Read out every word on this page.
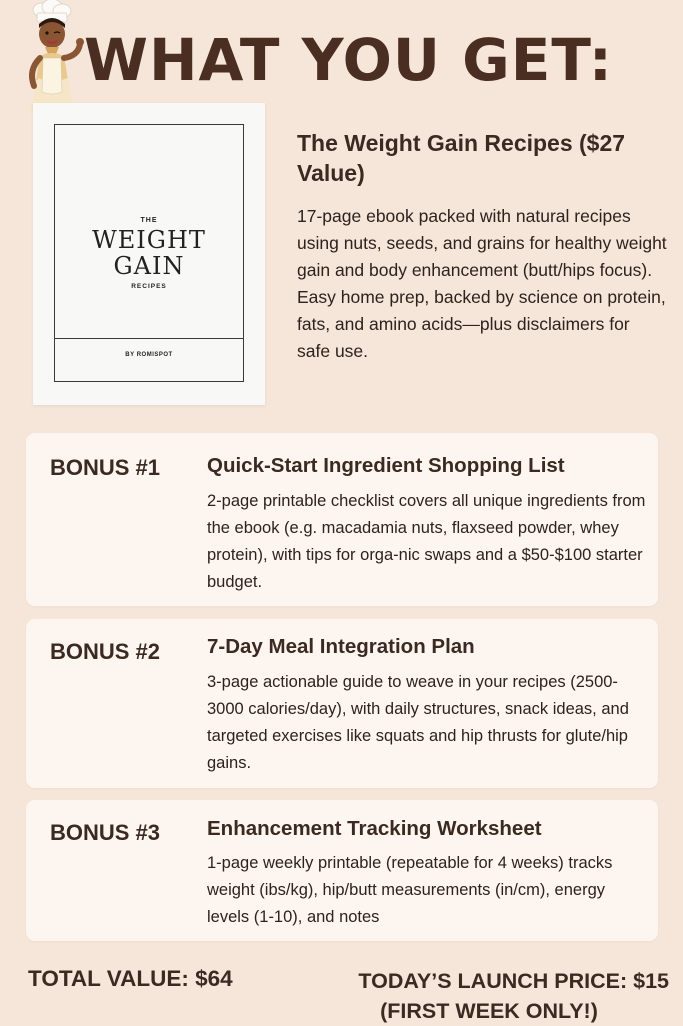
WHAT YOU GET:
THE
WEIGHT
GAIN
RECIPES
BY ROMISPOT
The Weight Gain Recipes ($27 Value)
17-page ebook packed with natural recipes using nuts, seeds, and grains for healthy weight gain and body enhancement (butt/hips focus). Easy home prep, backed by science on protein, fats, and amino acids—plus disclaimers for safe use.
BONUS #1 Quick-Start Ingredient Shopping List
2-page printable checklist covers all unique ingredients from the ebook (e.g. macadamia nuts, flaxseed powder, whey protein), with tips for orga-nic swaps and a $50-$100 starter budget.
BONUS #2 7-Day Meal Integration Plan
3-page actionable guide to weave in your recipes (2500-3000 calories/day), with daily structures, snack ideas, and targeted exercises like squats and hip thrusts for glute/hip gains.
BONUS #3 Enhancement Tracking Worksheet
1-page weekly printable (repeatable for 4 weeks) tracks weight (ibs/kg), hip/butt measurements (in/cm), energy levels (1-10), and notes
TOTAL VALUE: $64	TODAY’S LAUNCH PRICE: $15
(FIRST WEEK ONLY!)
